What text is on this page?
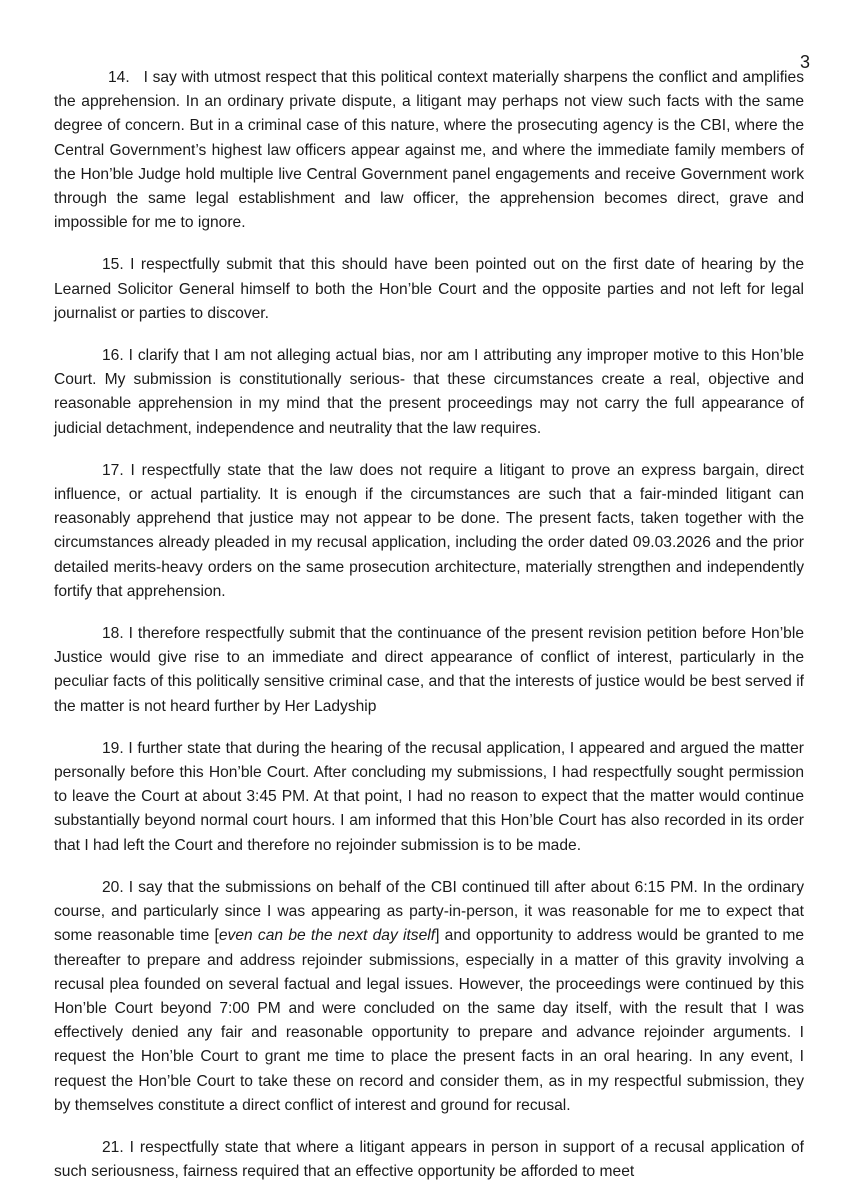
3

14.   I say with utmost respect that this political context materially sharpens the conflict and amplifies the apprehension. In an ordinary private dispute, a litigant may perhaps not view such facts with the same degree of concern. But in a criminal case of this nature, where the prosecuting agency is the CBI, where the Central Government’s highest law officers appear against me, and where the immediate family members of the Hon’ble Judge hold multiple live Central Government panel engagements and receive Government work through the same legal establishment and law officer, the apprehension becomes direct, grave and impossible for me to ignore.

15. I respectfully submit that this should have been pointed out on the first date of hearing by the Learned Solicitor General himself to both the Hon’ble Court and the opposite parties and not left for legal journalist or parties to discover.

16. I clarify that I am not alleging actual bias, nor am I attributing any improper motive to this Hon’ble Court. My submission is constitutionally serious- that these circumstances create a real, objective and reasonable apprehension in my mind that the present proceedings may not carry the full appearance of judicial detachment, independence and neutrality that the law requires.

17. I respectfully state that the law does not require a litigant to prove an express bargain, direct influence, or actual partiality. It is enough if the circumstances are such that a fair-minded litigant can reasonably apprehend that justice may not appear to be done. The present facts, taken together with the circumstances already pleaded in my recusal application, including the order dated 09.03.2026 and the prior detailed merits-heavy orders on the same prosecution architecture, materially strengthen and independently fortify that apprehension.

18. I therefore respectfully submit that the continuance of the present revision petition before Hon’ble Justice would give rise to an immediate and direct appearance of conflict of interest, particularly in the peculiar facts of this politically sensitive criminal case, and that the interests of justice would be best served if the matter is not heard further by Her Ladyship

19. I further state that during the hearing of the recusal application, I appeared and argued the matter personally before this Hon’ble Court. After concluding my submissions, I had respectfully sought permission to leave the Court at about 3:45 PM. At that point, I had no reason to expect that the matter would continue substantially beyond normal court hours. I am informed that this Hon’ble Court has also recorded in its order that I had left the Court and therefore no rejoinder submission is to be made.

20. I say that the submissions on behalf of the CBI continued till after about 6:15 PM. In the ordinary course, and particularly since I was appearing as party-in-person, it was reasonable for me to expect that some reasonable time [even can be the next day itself] and opportunity to address would be granted to me thereafter to prepare and address rejoinder submissions, especially in a matter of this gravity involving a recusal plea founded on several factual and legal issues. However, the proceedings were continued by this Hon’ble Court beyond 7:00 PM and were concluded on the same day itself, with the result that I was effectively denied any fair and reasonable opportunity to prepare and advance rejoinder arguments. I request the Hon’ble Court to grant me time to place the present facts in an oral hearing. In any event, I request the Hon’ble Court to take these on record and consider them, as in my respectful submission, they by themselves constitute a direct conflict of interest and ground for recusal.

21. I respectfully state that where a litigant appears in person in support of a recusal application of such seriousness, fairness required that an effective opportunity be afforded to meet
